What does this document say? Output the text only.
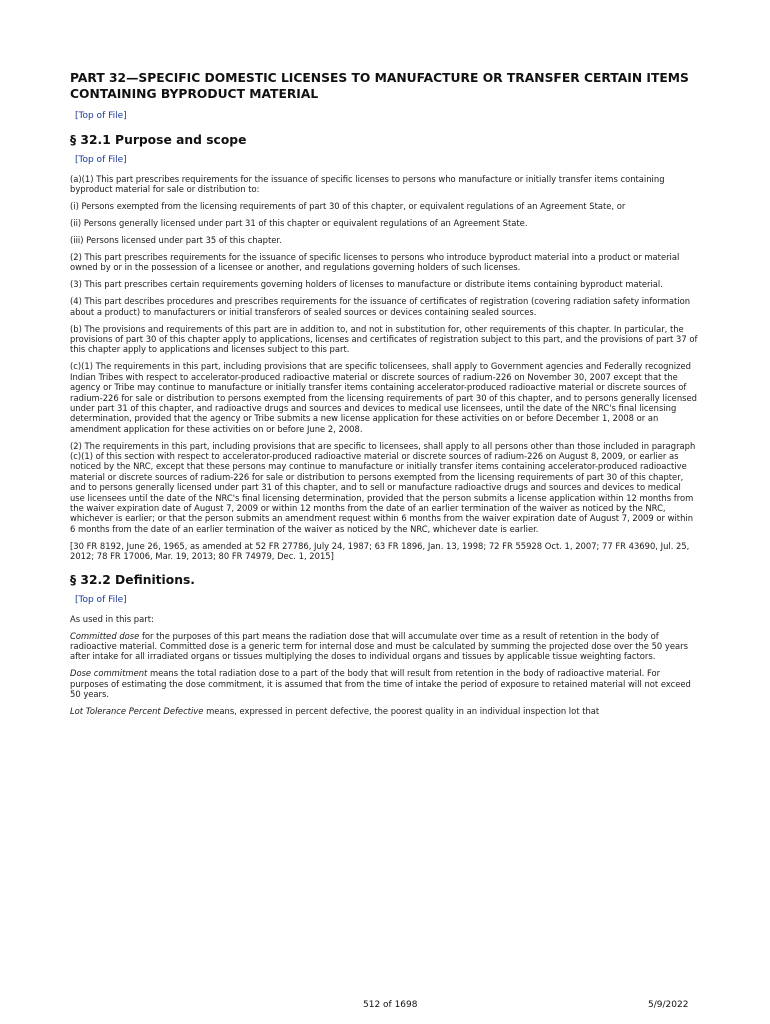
PART 32—SPECIFIC DOMESTIC LICENSES TO MANUFACTURE OR TRANSFER CERTAIN ITEMS CONTAINING BYPRODUCT MATERIAL
[Top of File]
§ 32.1 Purpose and scope
[Top of File]

(a)(1) This part prescribes requirements for the issuance of specific licenses to persons who manufacture or initially transfer items containing byproduct material for sale or distribution to:

(i) Persons exempted from the licensing requirements of part 30 of this chapter, or equivalent regulations of an Agreement State, or

(ii) Persons generally licensed under part 31 of this chapter or equivalent regulations of an Agreement State.

(iii) Persons licensed under part 35 of this chapter.

(2) This part prescribes requirements for the issuance of specific licenses to persons who introduce byproduct material into a product or material owned by or in the possession of a licensee or another, and regulations governing holders of such licenses.

(3) This part prescribes certain requirements governing holders of licenses to manufacture or distribute items containing byproduct material.

(4) This part describes procedures and prescribes requirements for the issuance of certificates of registration (covering radiation safety information about a product) to manufacturers or initial transferors of sealed sources or devices containing sealed sources.

(b) The provisions and requirements of this part are in addition to, and not in substitution for, other requirements of this chapter. In particular, the provisions of part 30 of this chapter apply to applications, licenses and certificates of registration subject to this part, and the provisions of part 37 of this chapter apply to applications and licenses subject to this part.

(c)(1) The requirements in this part, including provisions that are specific tolicensees, shall apply to Government agencies and Federally recognized Indian Tribes with respect to accelerator-produced radioactive material or discrete sources of radium-226 on November 30, 2007 except that the agency or Tribe may continue to manufacture or initially transfer items containing accelerator-produced radioactive material or discrete sources of radium-226 for sale or distribution to persons exempted from the licensing requirements of part 30 of this chapter, and to persons generally licensed under part 31 of this chapter, and radioactive drugs and sources and devices to medical use licensees, until the date of the NRC's final licensing determination, provided that the agency or Tribe submits a new license application for these activities on or before December 1, 2008 or an amendment application for these activities on or before June 2, 2008.

(2) The requirements in this part, including provisions that are specific to licensees, shall apply to all persons other than those included in paragraph (c)(1) of this section with respect to accelerator-produced radioactive material or discrete sources of radium-226 on August 8, 2009, or earlier as noticed by the NRC, except that these persons may continue to manufacture or initially transfer items containing accelerator-produced radioactive material or discrete sources of radium-226 for sale or distribution to persons exempted from the licensing requirements of part 30 of this chapter, and to persons generally licensed under part 31 of this chapter, and to sell or manufacture radioactive drugs and sources and devices to medical use licensees until the date of the NRC's final licensing determination, provided that the person submits a license application within 12 months from the waiver expiration date of August 7, 2009 or within 12 months from the date of an earlier termination of the waiver as noticed by the NRC, whichever is earlier; or that the person submits an amendment request within 6 months from the waiver expiration date of August 7, 2009 or within 6 months from the date of an earlier termination of the waiver as noticed by the NRC, whichever date is earlier.

[30 FR 8192, June 26, 1965, as amended at 52 FR 27786, July 24, 1987; 63 FR 1896, Jan. 13, 1998; 72 FR 55928 Oct. 1, 2007; 77 FR 43690, Jul. 25, 2012; 78 FR 17006, Mar. 19, 2013; 80 FR 74979, Dec. 1, 2015]

§ 32.2 Definitions.
[Top of File]

As used in this part:

Committed dose for the purposes of this part means the radiation dose that will accumulate over time as a result of retention in the body of radioactive material. Committed dose is a generic term for internal dose and must be calculated by summing the projected dose over the 50 years after intake for all irradiated organs or tissues multiplying the doses to individual organs and tissues by applicable tissue weighting factors.

Dose commitment means the total radiation dose to a part of the body that will result from retention in the body of radioactive material. For purposes of estimating the dose commitment, it is assumed that from the time of intake the period of exposure to retained material will not exceed 50 years.

Lot Tolerance Percent Defective means, expressed in percent defective, the poorest quality in an individual inspection lot that

512 of 1698	5/9/2022
